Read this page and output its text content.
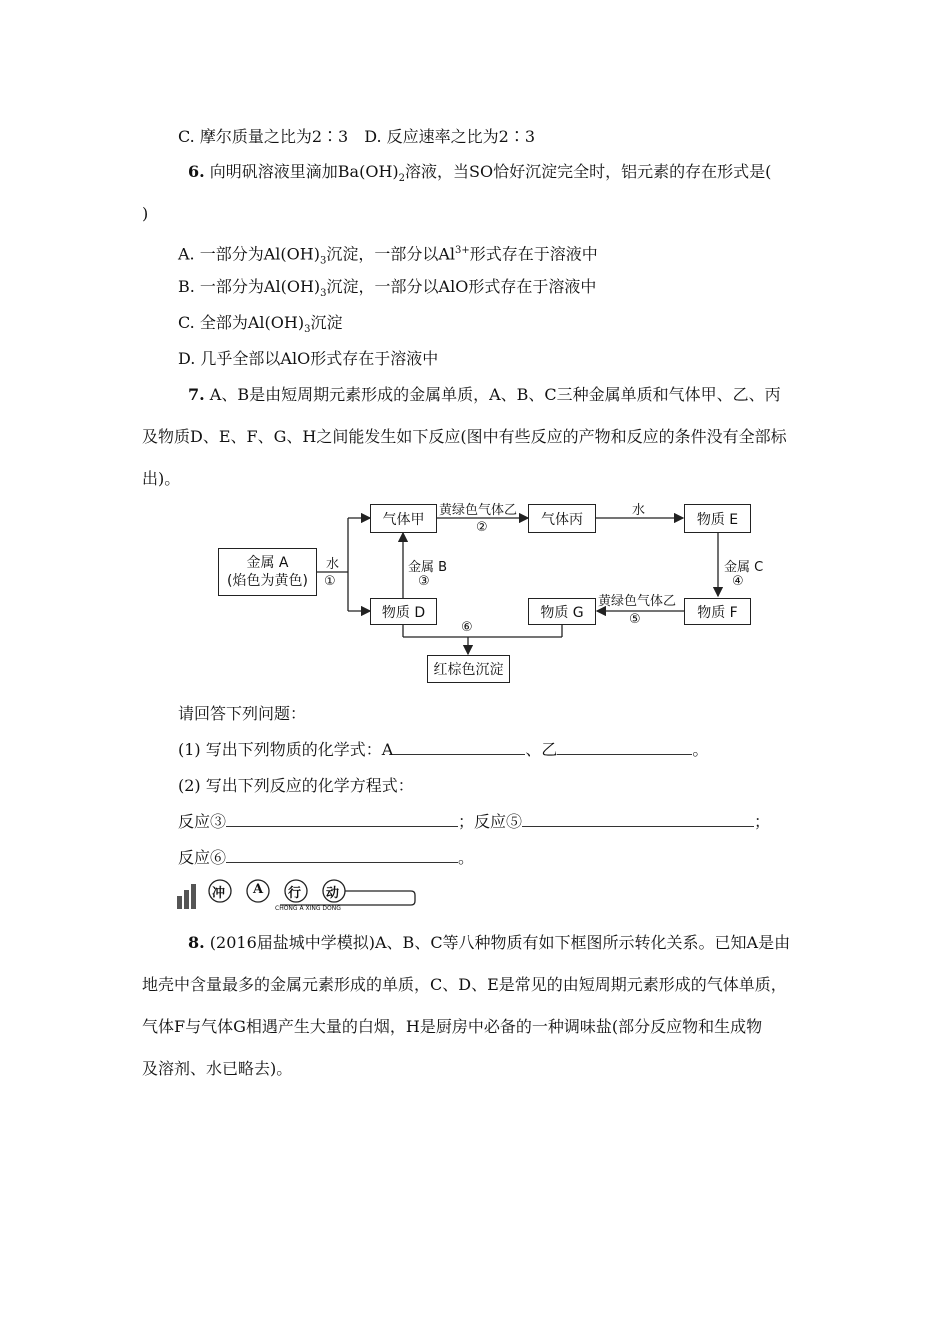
C. 摩尔质量之比为2∶3 D. 反应速率之比为2∶3
6. 向明矾溶液里滴加$Ba(OH)_2$溶液，当SO恰好沉淀完全时，铝元素的存在形式是(
)
A. 一部分为$Al(OH)_3$沉淀，一部分以$Al^{3+}$形式存在于溶液中
B. 一部分为$Al(OH)_3$沉淀，一部分以AlO形式存在于溶液中
C. 全部为$Al(OH)_3$沉淀
D. 几乎全部以AlO形式存在于溶液中
7. A、B是由短周期元素形成的金属单质，A、B、C三种金属单质和气体甲、乙、丙
及物质D、E、F、G、H之间能发生如下反应(图中有些反应的产物和反应的条件没有全部标
出)。
金属 A
(焰色为黄色)
水
①
气体甲	气体丙	物质 E
物质 D	物质 G	物质 F
红棕色沉淀
黄绿色气体乙
②
水
金属 B
③
金属 C
④
黄绿色气体乙
⑤
⑥
请回答下列问题：
(1) 写出下列物质的化学式：A	、乙	。
(2) 写出下列反应的化学方程式：
反应③	；反应⑤	；
反应⑥	。
冲 A 行 动
CHONG A XING DONG
8. (2016届盐城中学模拟)A、B、C等八种物质有如下框图所示转化关系。已知A是由
地壳中含量最多的金属元素形成的单质，C、D、E是常见的由短周期元素形成的气体单质，
气体F与气体G相遇产生大量的白烟，H是厨房中必备的一种调味盐(部分反应物和生成物
及溶剂、水已略去)。
